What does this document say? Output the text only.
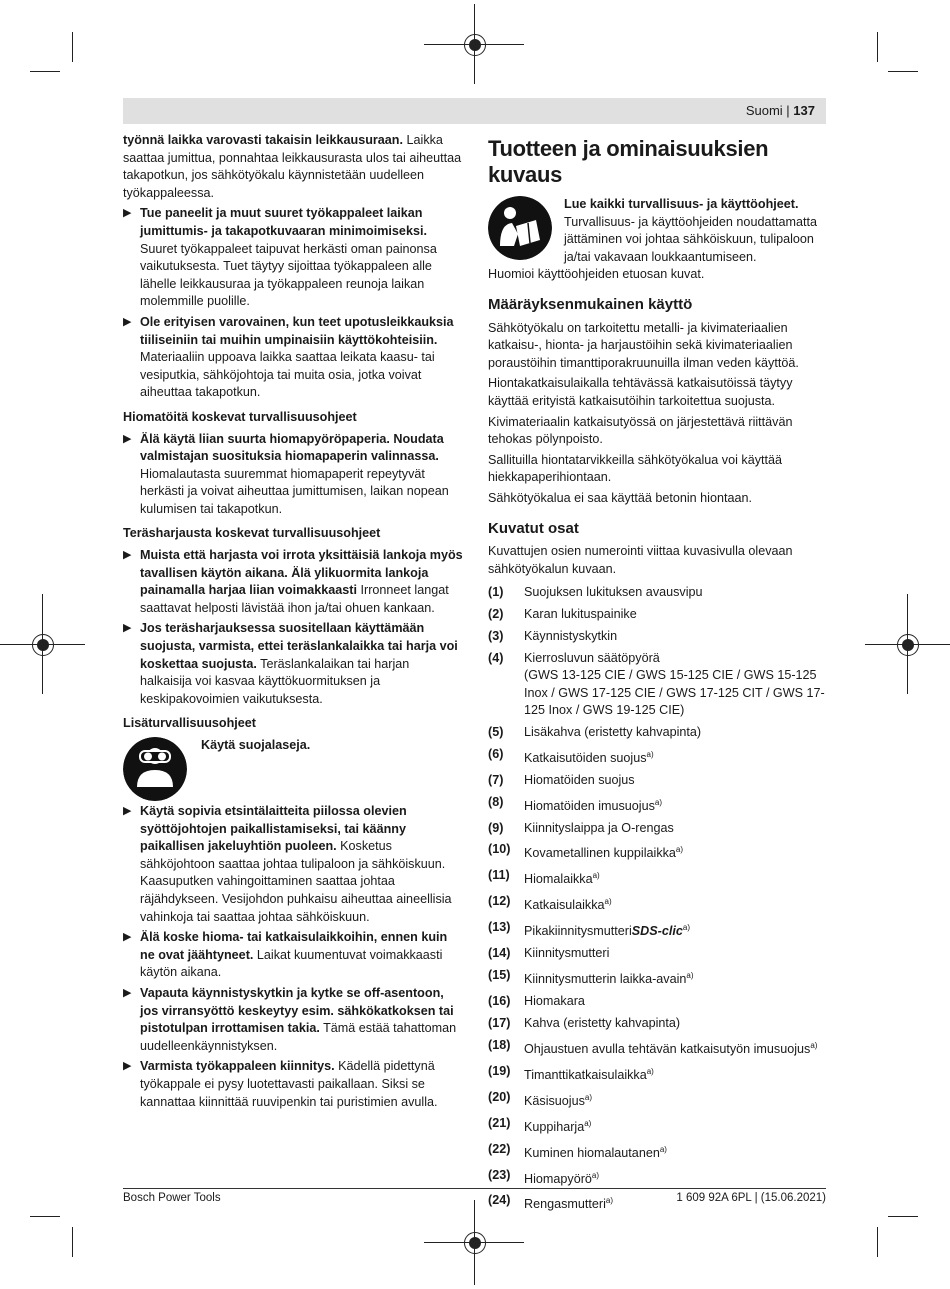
Suomi | 137

työnnä laikka varovasti takaisin leikkausuraan. Laikka saattaa jumittua, ponnahtaa leikkausurasta ulos tai aiheuttaa takapotkun, jos sähkötyökalu käynnistetään uudelleen työkappaleessa.

▶ Tue paneelit ja muut suuret työkappaleet laikan jumittumis- ja takapotkuvaaran minimoimiseksi. Suuret työkappaleet taipuvat herkästi oman painonsa vaikutuksesta. Tuet täytyy sijoittaa työkappaleen alle lähelle leikkausuraa ja työkappaleen reunoja laikan molemmille puolille.
▶ Ole erityisen varovainen, kun teet upotusleikkauksia tiiliseiniin tai muihin umpinaisiin käyttökohteisiin. Materiaaliin uppoava laikka saattaa leikata kaasu- tai vesiputkia, sähköjohtoja tai muita osia, jotka voivat aiheuttaa takapotkun.
Hiomatöitä koskevat turvallisuusohjeet
▶ Älä käytä liian suurta hiomapyöröpaperia. Noudata valmistajan suosituksia hiomapaperin valinnassa. Hiomalautasta suuremmat hiomapaperit repeytyvät herkästi ja voivat aiheuttaa jumittumisen, laikan nopean kulumisen tai takapotkun.
Teräsharjausta koskevat turvallisuusohjeet
▶ Muista että harjasta voi irrota yksittäisiä lankoja myös tavallisen käytön aikana. Älä ylikuormita lankoja painamalla harjaa liian voimakkaasti Irronneet langat saattavat helposti lävistää ihon ja/tai ohuen kankaan.
▶ Jos teräsharjauksessa suositellaan käyttämään suojusta, varmista, ettei teräslankalaikka tai harja voi koskettaa suojusta. Teräslankalaikan tai harjan halkaisija voi kasvaa käyttökuormituksen ja keskipakovoimien vaikutuksesta.
Lisäturvallisuusohjeet
Käytä suojalaseja.
▶ Käytä sopivia etsintälaitteita piilossa olevien syöttöjohtojen paikallistamiseksi, tai käänny paikallisen jakeluyhtiön puoleen. Kosketus sähköjohtoon saattaa johtaa tulipaloon ja sähköiskuun. Kaasuputken vahingoittaminen saattaa johtaa räjähdykseen. Vesijohdon puhkaisu aiheuttaa aineellisia vahinkoja tai saattaa johtaa sähköiskuun.
▶ Älä koske hioma- tai katkaisulaikkoihin, ennen kuin ne ovat jäähtyneet. Laikat kuumentuvat voimakkaasti käytön aikana.
▶ Vapauta käynnistyskytkin ja kytke se off-asentoon, jos virransyöttö keskeytyy esim. sähkökatkoksen tai pistotulpan irrottamisen takia. Tämä estää tahattoman uudelleenkäynnistyksen.
▶ Varmista työkappaleen kiinnitys. Kädellä pidettynä työkappale ei pysy luotettavasti paikallaan. Siksi se kannattaa kiinnittää ruuvipenkin tai puristimien avulla.
Tuotteen ja ominaisuuksien kuvaus
Lue kaikki turvallisuus- ja käyttöohjeet. Turvallisuus- ja käyttöohjeiden noudattamatta jättäminen voi johtaa sähköiskuun, tulipaloon ja/tai vakavaan loukkaantumiseen.

Huomioi käyttöohjeiden etuosan kuvat.

Määräyksenmukainen käyttö

Sähkötyökalu on tarkoitettu metalli- ja kivimateriaalien katkaisu-, hionta- ja harjaustöihin sekä kivimateriaalien poraustöihin timanttiporakruunuilla ilman veden käyttöä.

Hiontakatkaisulaikalla tehtävässä katkaisutöissä täytyy käyttää erityistä katkaisutöihin tarkoitettua suojusta.

Kivimateriaalin katkaisutyössä on järjestettävä riittävän tehokas pölynpoisto.

Sallituilla hiontatarvikkeilla sähkötyökalua voi käyttää hiekkapaperihiontaan.

Sähkötyökalua ei saa käyttää betonin hiontaan.

Kuvatut osat

Kuvattujen osien numerointi viittaa kuvasivulla olevaan sähkötyökalun kuvaan.

(1)	Suojuksen lukituksen avausvipu
(2)	Karan lukituspainike
(3)	Käynnistyskytkin
(4)	Kierrosluvun säätöpyörä
(GWS 13-125 CIE / GWS 15-125 CIE / GWS 15-125 Inox / GWS 17-125 CIE / GWS 17-125 CIT / GWS 17-125 Inox / GWS 19-125 CIE)
(5)	Lisäkahva (eristetty kahvapinta)
(6)	Katkaisutöiden suojus$^{a)}$
(7)	Hiomatöiden suojus
(8)	Hiomatöiden imusuojus$^{a)}$
(9)	Kiinnityslaippa ja O-rengas
(10)	Kovametallinen kuppilaikka$^{a)}$
(11)	Hiomalaikka$^{a)}$
(12)	Katkaisulaikka$^{a)}$
(13)	PikakiinnitysmutteriSDS-clic$^{a)}$
(14)	Kiinnitysmutteri
(15)	Kiinnitysmutterin laikka-avain$^{a)}$
(16)	Hiomakara
(17)	Kahva (eristetty kahvapinta)
(18)	Ohjaustuen avulla tehtävän katkaisutyön imusuojus$^{a)}$
(19)	Timanttikatkaisulaikka$^{a)}$
(20)	Käsisuojus$^{a)}$
(21)	Kuppiharja$^{a)}$
(22)	Kuminen hiomalautanen$^{a)}$
(23)	Hiomapyörö$^{a)}$
(24)	Rengasmutteri$^{a)}$
Bosch Power Tools	1 609 92A 6PL | (15.06.2021)
